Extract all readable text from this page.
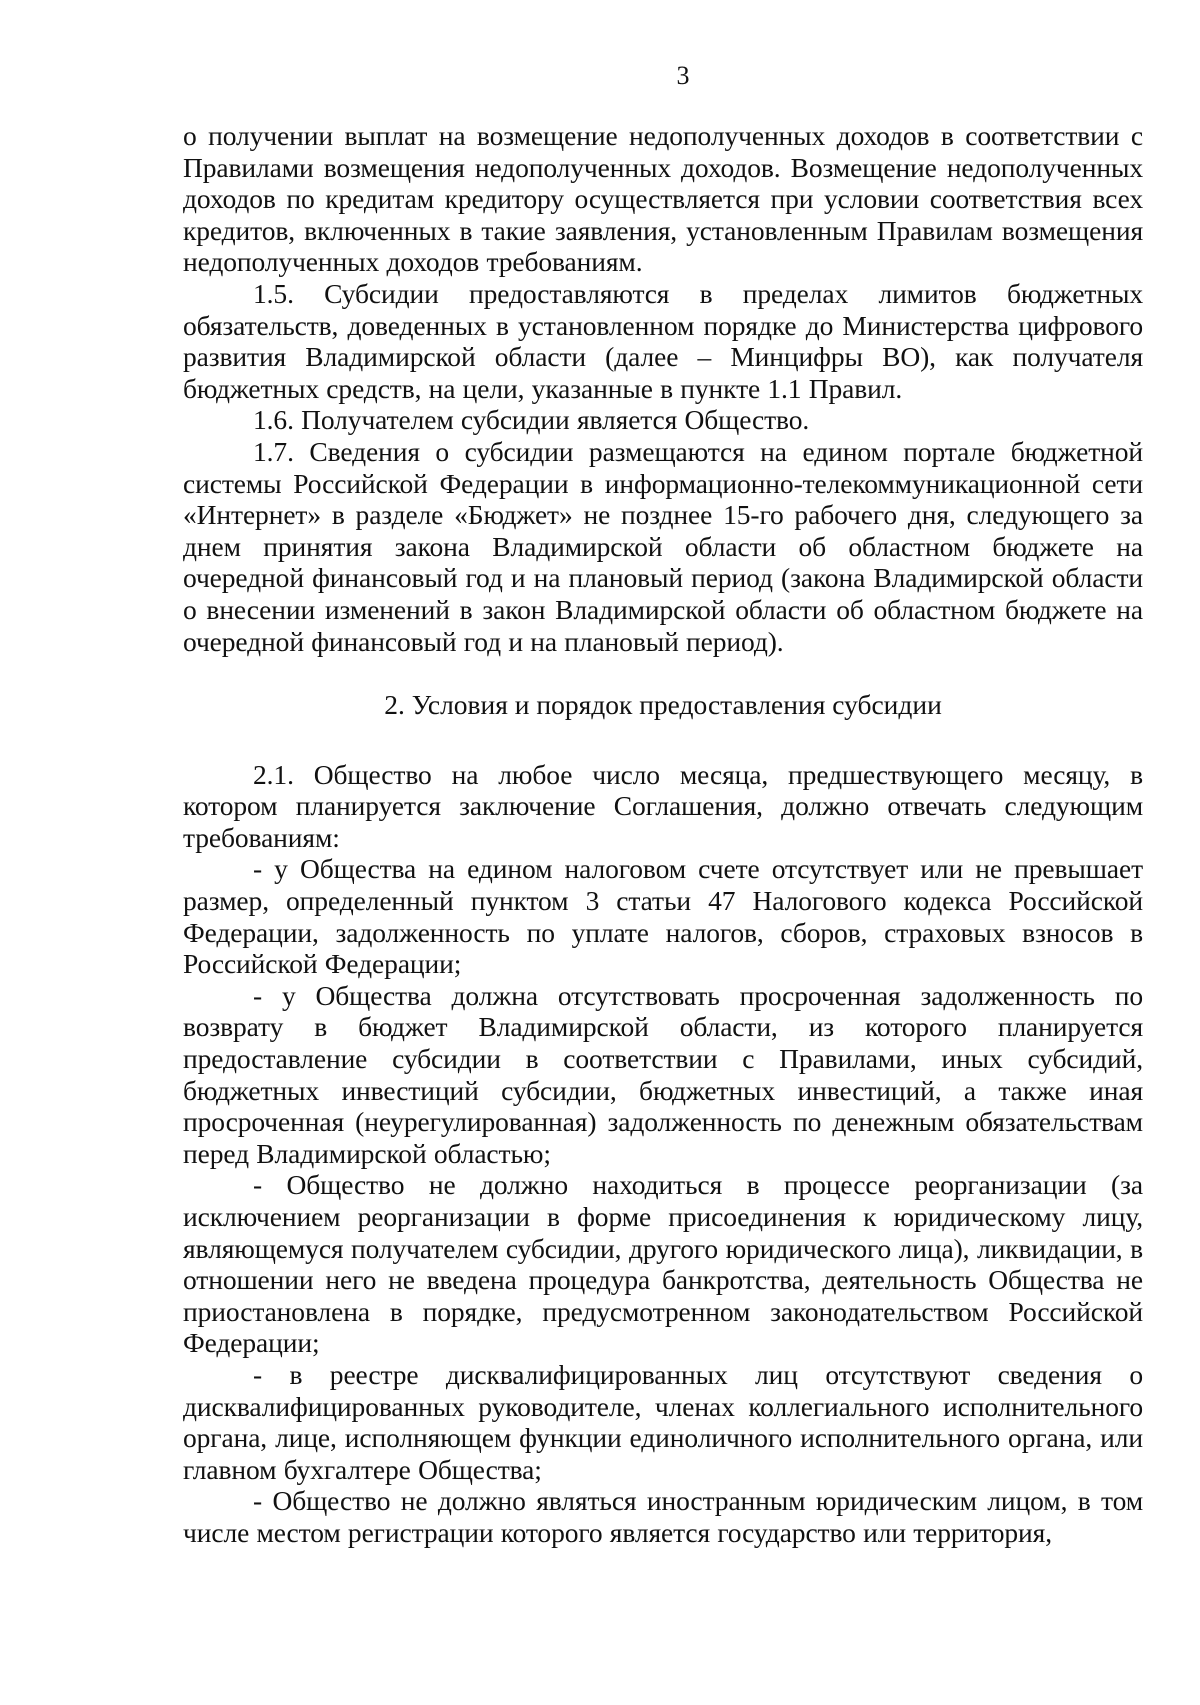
3

о получении выплат на возмещение недополученных доходов в соответствии с Правилами возмещения недополученных доходов. Возмещение недополученных доходов по кредитам кредитору осуществляется при условии соответствия всех кредитов, включенных в такие заявления, установленным Правилам возмещения недополученных доходов требованиям.

1.5. Субсидии предоставляются в пределах лимитов бюджетных обязательств, доведенных в установленном порядке до Министерства цифрового развития Владимирской области (далее – Минцифры ВО), как получателя бюджетных средств, на цели, указанные в пункте 1.1 Правил.

1.6. Получателем субсидии является Общество.

1.7. Сведения о субсидии размещаются на едином портале бюджетной системы Российской Федерации в информационно-телекоммуникационной сети «Интернет» в разделе «Бюджет» не позднее 15-го рабочего дня, следующего за днем принятия закона Владимирской области об областном бюджете на очередной финансовый год и на плановый период (закона Владимирской области о внесении изменений в закон Владимирской области об областном бюджете на очередной финансовый год и на плановый период).

2. Условия и порядок предоставления субсидии

2.1. Общество на любое число месяца, предшествующего месяцу, в котором планируется заключение Соглашения, должно отвечать следующим требованиям:

- у Общества на едином налоговом счете отсутствует или не превышает размер, определенный пунктом 3 статьи 47 Налогового кодекса Российской Федерации, задолженность по уплате налогов, сборов, страховых взносов в Российской Федерации;

- у Общества должна отсутствовать просроченная задолженность по возврату в бюджет Владимирской области, из которого планируется предоставление субсидии в соответствии с Правилами, иных субсидий, бюджетных инвестиций субсидии, бюджетных инвестиций, а также иная просроченная (неурегулированная) задолженность по денежным обязательствам перед Владимирской областью;

- Общество не должно находиться в процессе реорганизации (за исключением реорганизации в форме присоединения к юридическому лицу, являющемуся получателем субсидии, другого юридического лица), ликвидации, в отношении него не введена процедура банкротства, деятельность Общества не приостановлена в порядке, предусмотренном законодательством Российской Федерации;

- в реестре дисквалифицированных лиц отсутствуют сведения о дисквалифицированных руководителе, членах коллегиального исполнительного органа, лице, исполняющем функции единоличного исполнительного органа, или главном бухгалтере Общества;

- Общество не должно являться иностранным юридическим лицом, в том числе местом регистрации которого является государство или территория,
